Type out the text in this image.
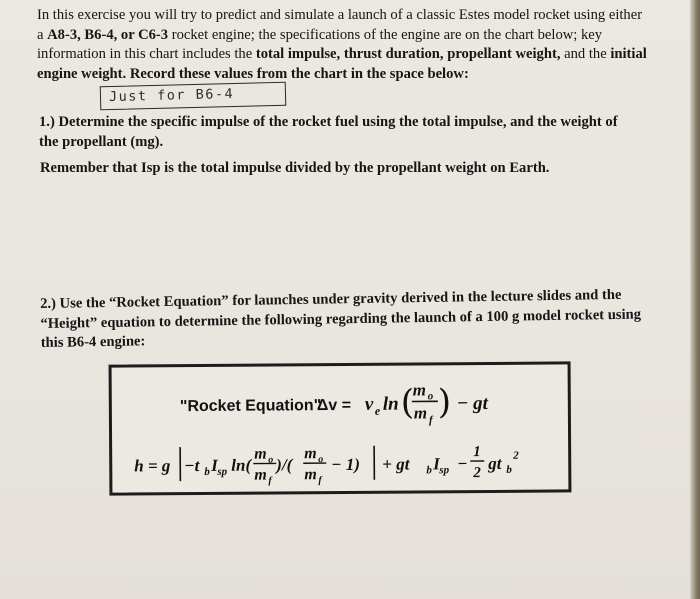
In this exercise you will try to predict and simulate a launch of a classic Estes model rocket using either a A8-3, B6-4, or C6-3 rocket engine; the specifications of the engine are on the chart below; key information in this chart includes the total impulse, thrust duration, propellant weight, and the initial engine weight. Record these values from the chart in the space below:

Just for B6-4

1.) Determine the specific impulse of the rocket fuel using the total impulse, and the weight of the propellant (mg).

Remember that Isp is the total impulse divided by the propellant weight on Earth.

2.) Use the “Rocket Equation” for launches under gravity derived in the lecture slides and the “Height” equation to determine the following regarding the launch of a 100 g model rocket using this B6-4 engine:

"Rocket Equation"
Δv = v e ln (
m o
m f ) − gt
h = g −t b I sp ln(
m o
m f
)/(
m o
m f
− 1) + gt b I sp −
1
2
gt b
2
